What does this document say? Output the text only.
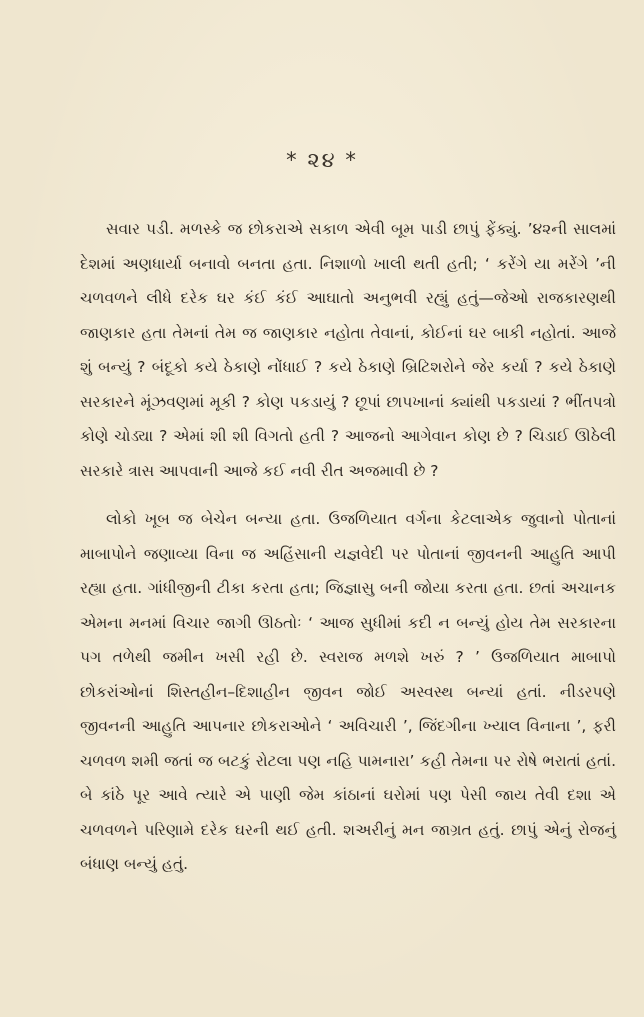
* ૨૪ *

સવાર પડી. મળસ્કે જ છોકરાએ સકાળ એવી બૂમ પાડી છાપું ફેંક્યું. ’૪૨ની સાલમાં દેશમાં અણધાર્યા બનાવો બનતા હતા. નિશાળો ખાલી થતી હતી; ‘ કરેંગે યા મરેંગે ’ની ચળવળને લીધે દરેક ઘર કંઈ કંઈ આઘાતો અનુભવી રહ્યું હતું—જેઓ રાજકારણથી જાણકાર હતા તેમનાં તેમ જ જાણકાર નહોતા તેવાનાં, કોઈનાં ઘર બાકી નહોતાં. આજે શું બન્યું ? બંદૂકો કયે ઠેકાણે નોંધાઈ ? કયે ઠેકાણે બ્રિટિશરોને જેર કર્યા ? કયે ઠેકાણે સરકારને મૂંઝવણમાં મૂકી ? કોણ પકડાયું ? છૂપાં છાપખાનાં ક્યાંથી પકડાયાં ? ભીંતપત્રો કોણે ચોડ્યા ? એમાં શી શી વિગતો હતી ? આજનો આગેવાન કોણ છે ? ચિડાઈ ઊઠેલી સરકારે ત્રાસ આપવાની આજે કઈ નવી રીત અજમાવી છે ?

લોકો ખૂબ જ બેચેન બન્યા હતા. ઉજળિયાત વર્ગના કેટલાએક જુવાનો પોતાનાં માબાપોને જણાવ્યા વિના જ અહિંસાની યજ્ઞવેદી પર પોતાનાં જીવનની આહુતિ આપી રહ્યા હતા. ગાંધીજીની ટીકા કરતા હતા; જિજ્ઞાસુ બની જોયા કરતા હતા. છતાં અચાનક એમના મનમાં વિચાર જાગી ઊઠતોઃ ‘ આજ સુધીમાં કદી ન બન્યું હોય તેમ સરકારના પગ તળેથી જમીન ખસી રહી છે. સ્વરાજ મળશે ખરું ? ’ ઉજળિયાત માબાપો છોકરાંઓનાં શિસ્તહીન–દિશાહીન જીવન જોઈ અસ્વસ્થ બન્યાં હતાં. નીડરપણે જીવનની આહુતિ આપનાર છોકરાઓને ‘ અવિચારી ’, જિંદગીના ખ્યાલ વિનાના ’, ફરી ચળવળ શમી જતાં જ બટકું રોટલા પણ નહિ પામનારા’ કહી તેમના પર રોષે ભરાતાં હતાં. બે કાંઠે પૂર આવે ત્યારે એ પાણી જેમ કાંઠાનાં ઘરોમાં પણ પેસી જાય તેવી દશા એ ચળવળને પરિણામે દરેક ઘરની થઈ હતી. શઅરીનું મન જાગ્રત હતું. છાપું એનું રોજનું બંધાણ બન્યું હતું.
